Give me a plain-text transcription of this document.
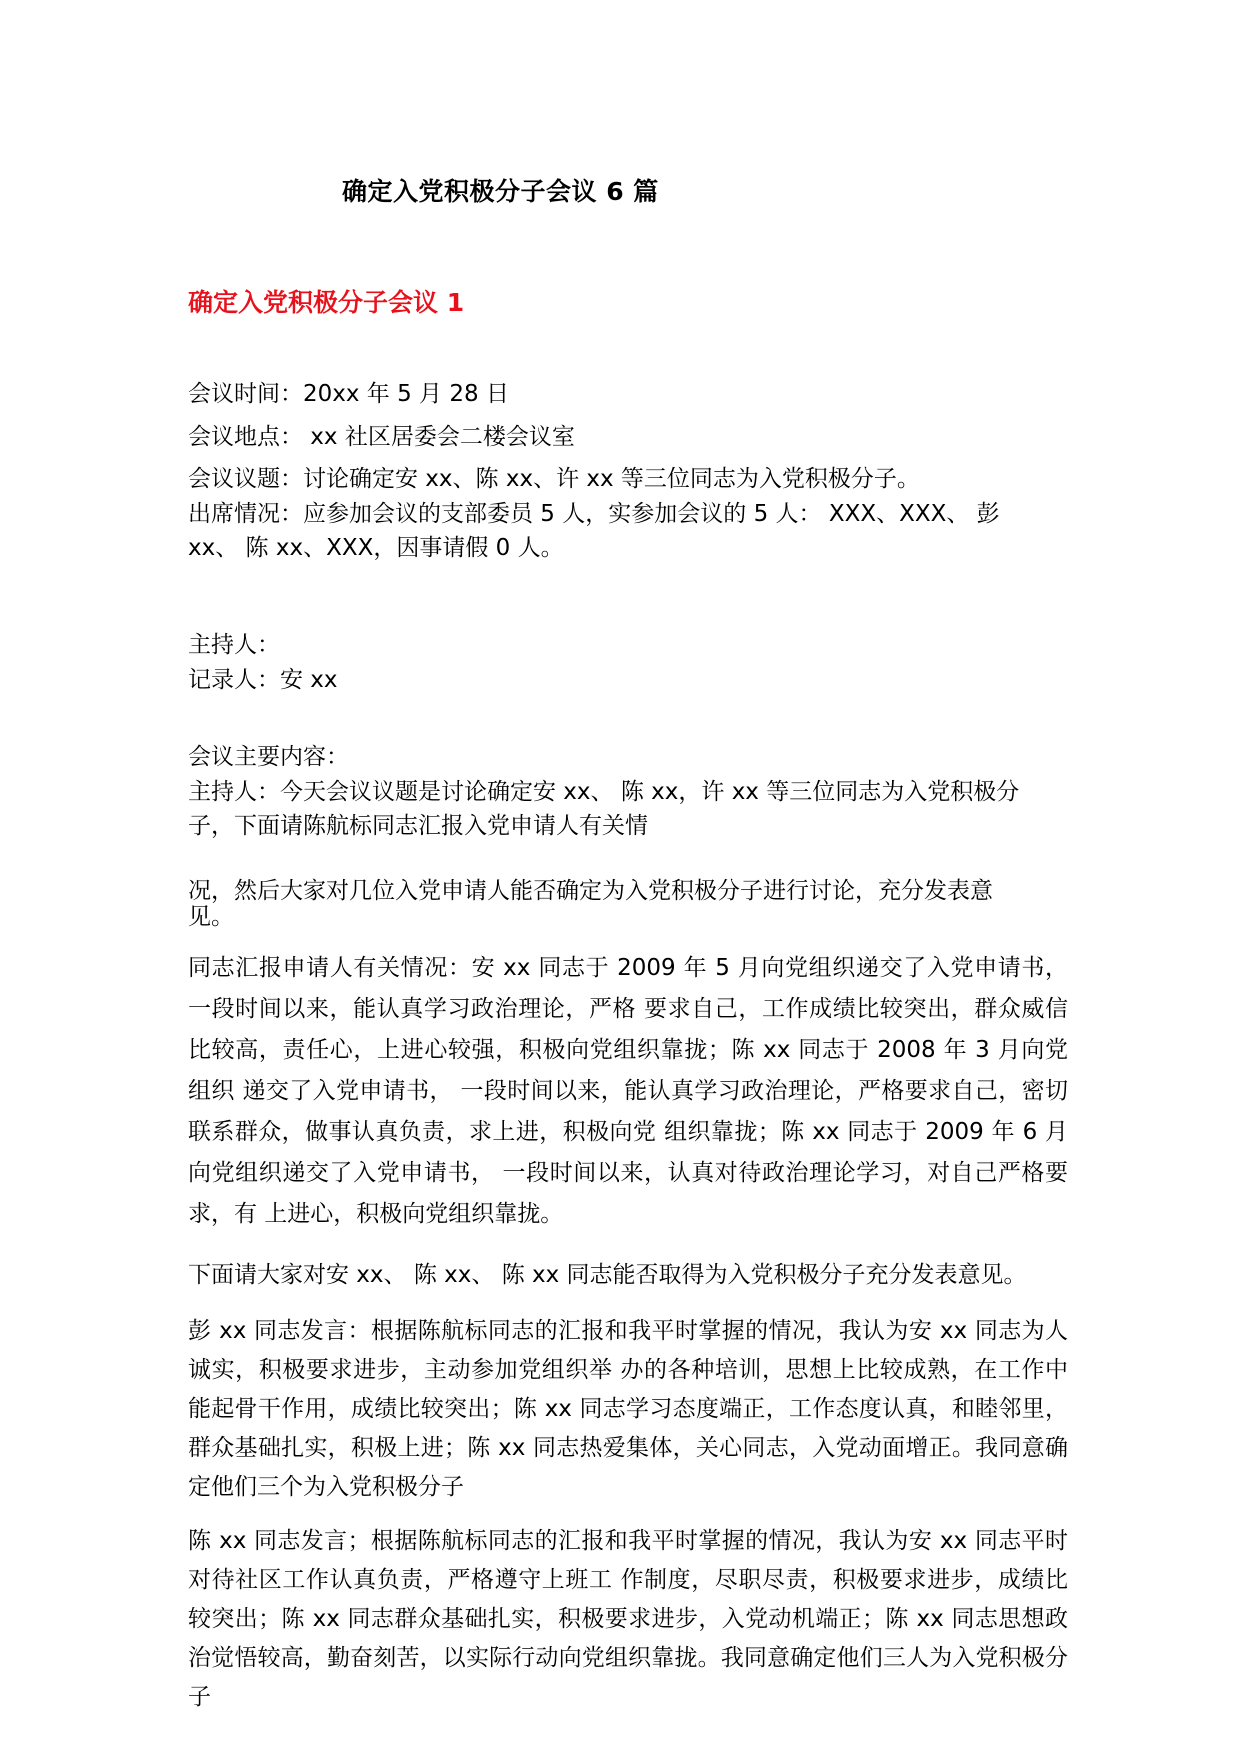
确定入党积极分子会议 6 篇
确定入党积极分子会议 1

会议时间：20xx 年 5 月 28 日

会议地点： xx 社区居委会二楼会议室

会议议题：讨论确定安 xx、陈 xx、许 xx 等三位同志为入党积极分子。

出席情况：应参加会议的支部委员 5 人，实参加会议的 5 人： XXX、XXX、 彭

xx、 陈 xx、XXX，因事请假 0 人。

主持人：

记录人：安 xx

会议主要内容：

主持人：今天会议议题是讨论确定安 xx、 陈 xx，许 xx 等三位同志为入党积极分

子，下面请陈航标同志汇报入党申请人有关情

况，然后大家对几位入党申请人能否确定为入党积极分子进行讨论，充分发表意

见。

同志汇报申请人有关情况：安 xx 同志于 2009 年 5 月向党组织递交了入党申请书， 一段时间以来，能认真学习政治理论，严格 要求自己，工作成绩比较突出，群众威信比较高，责任心，上进心较强，积极向党组织靠拢；陈 xx 同志于 2008 年 3 月向党组织 递交了入党申请书， 一段时间以来，能认真学习政治理论，严格要求自己，密切联系群众，做事认真负责，求上进，积极向党 组织靠拢；陈 xx 同志于 2009 年 6 月向党组织递交了入党申请书， 一段时间以来，认真对待政治理论学习，对自己严格要求，有 上进心，积极向党组织靠拢。

下面请大家对安 xx、 陈 xx、 陈 xx 同志能否取得为入党积极分子充分发表意见。

彭 xx 同志发言：根据陈航标同志的汇报和我平时掌握的情况，我认为安 xx 同志为人诚实，积极要求进步，主动参加党组织举 办的各种培训，思想上比较成熟，在工作中能起骨干作用，成绩比较突出；陈 xx 同志学习态度端正，工作态度认真，和睦邻里， 群众基础扎实，积极上进；陈 xx 同志热爱集体，关心同志，入党动面增正。我同意确定他们三个为入党积极分子

陈 xx 同志发言；根据陈航标同志的汇报和我平时掌握的情况，我认为安 xx 同志平时对待社区工作认真负责，严格遵守上班工 作制度，尽职尽责，积极要求进步，成绩比较突出；陈 xx 同志群众基础扎实，积极要求进步，入党动机端正；陈 xx 同志思想政 治觉悟较高，勤奋刻苦，以实际行动向党组织靠拢。我同意确定他们三人为入党积极分子
